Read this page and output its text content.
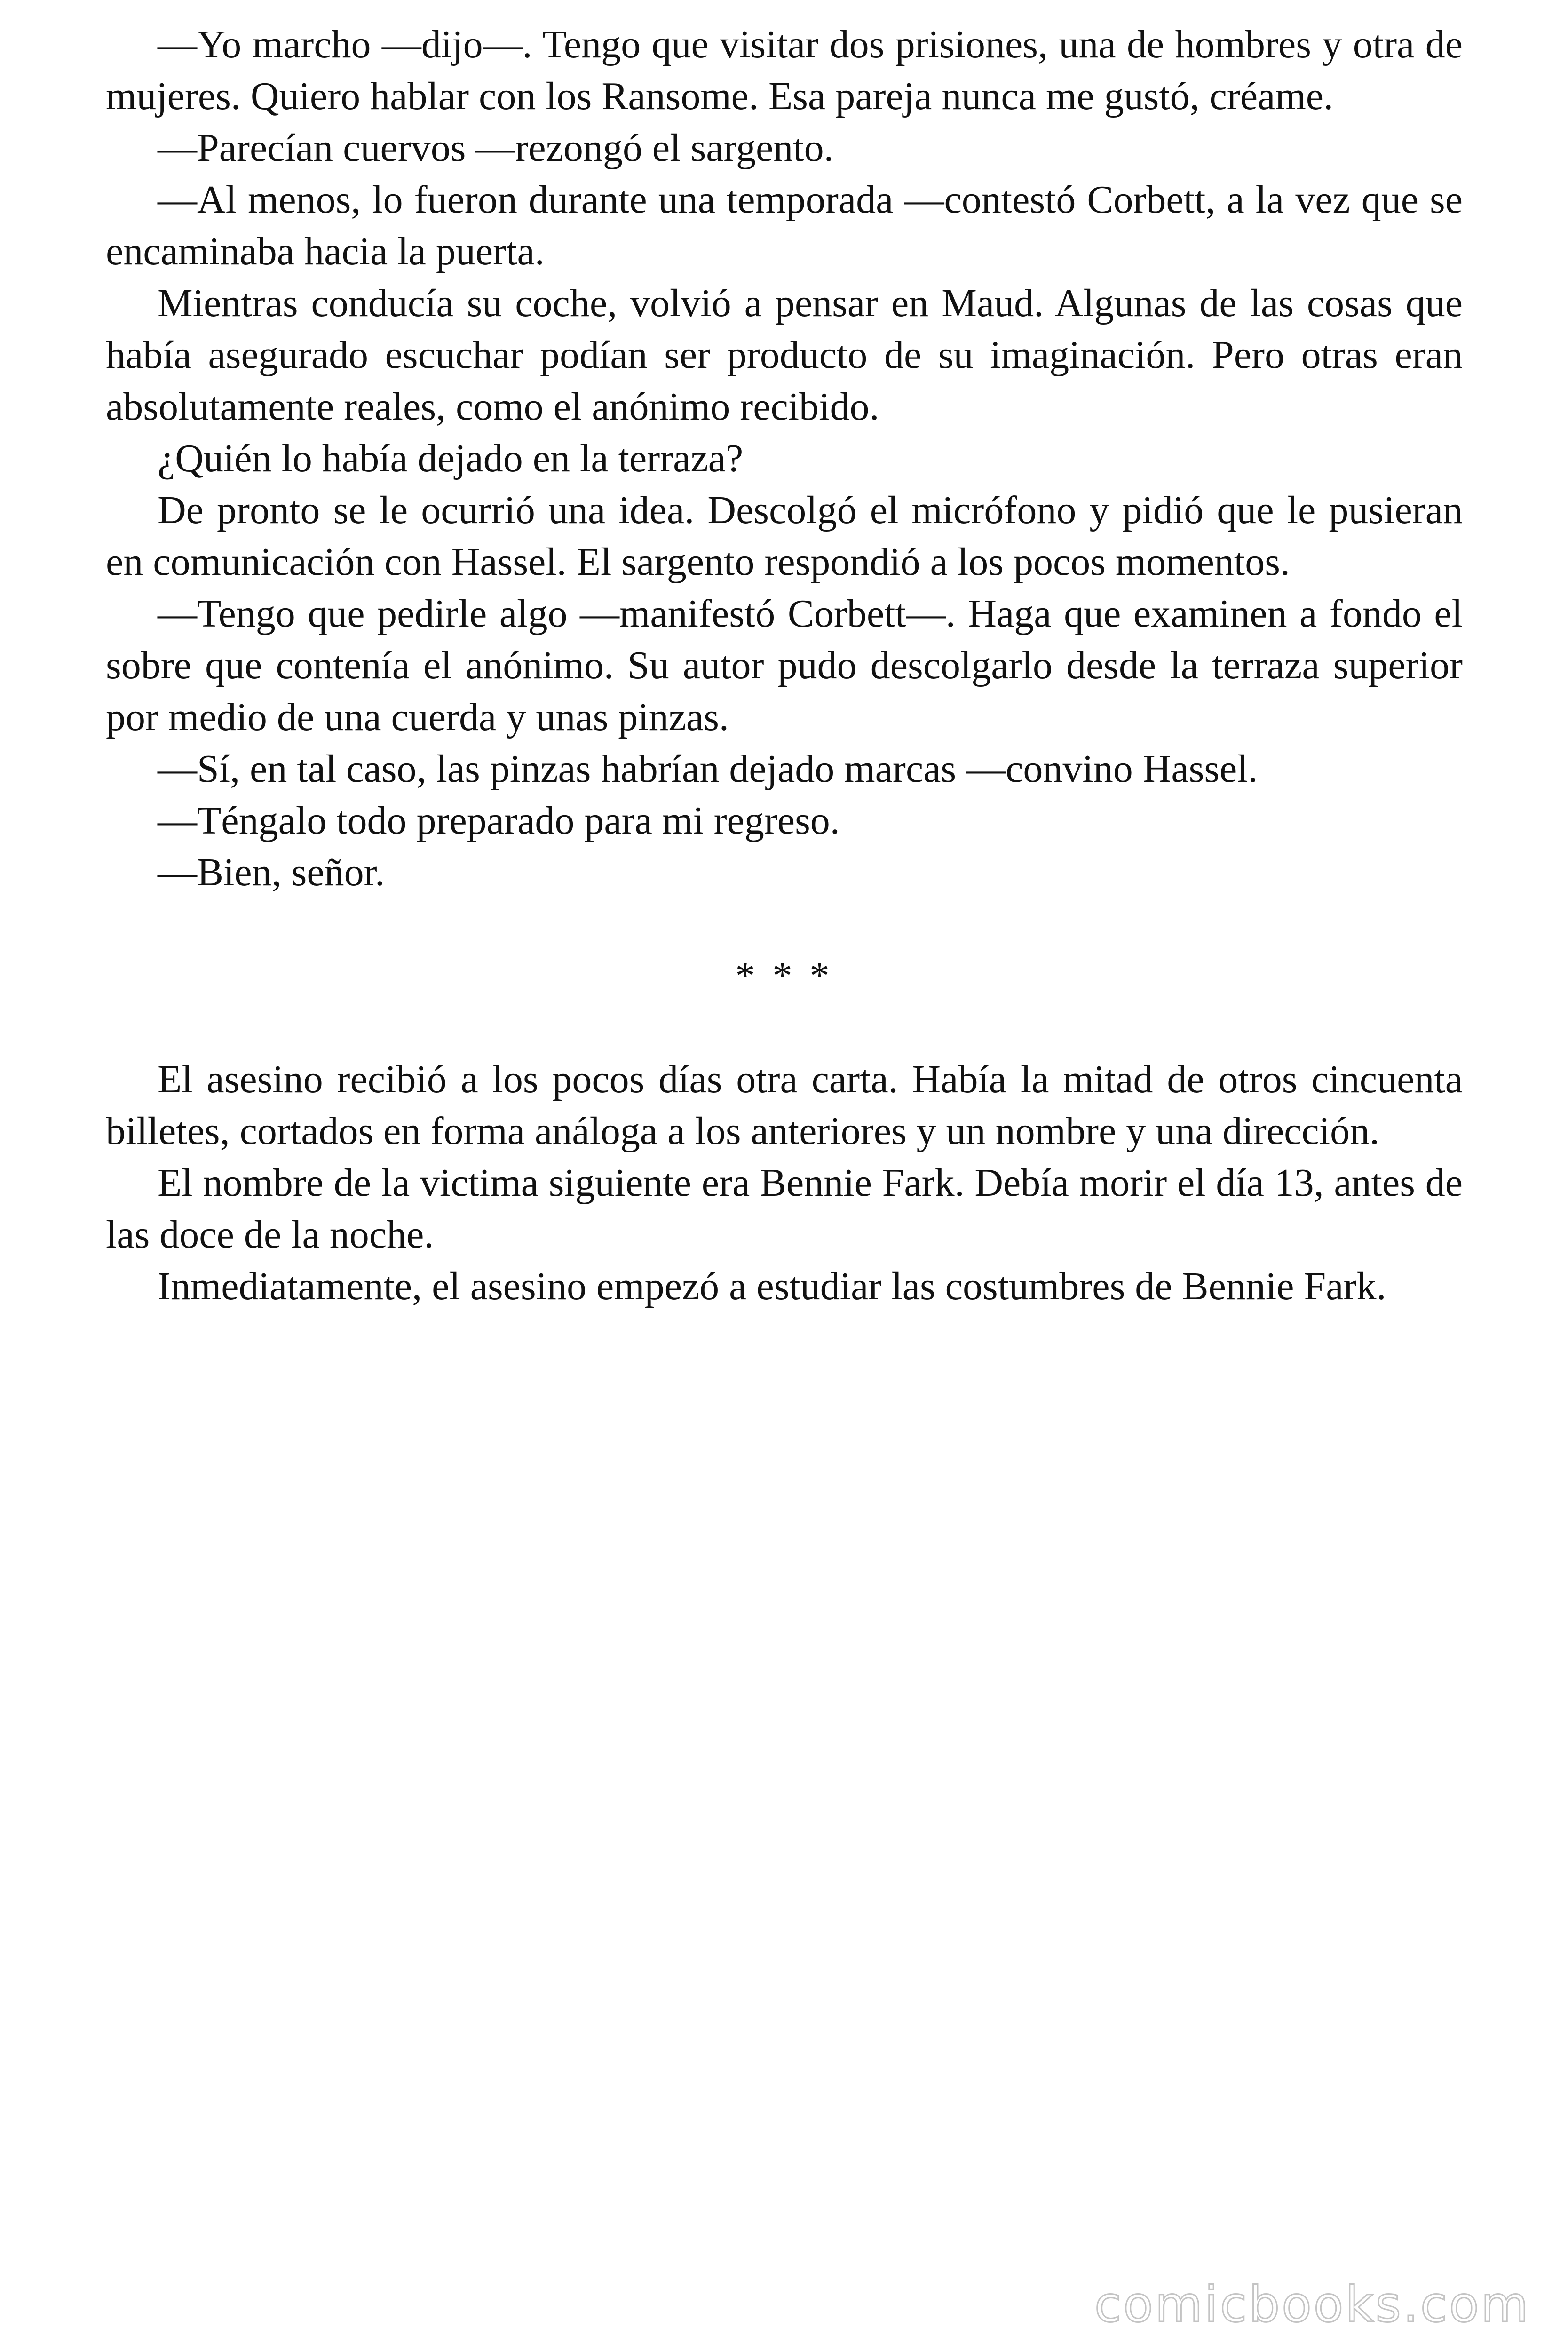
—Yo marcho —dijo—. Tengo que visitar dos prisiones, una de hombres y otra de mujeres. Quiero hablar con los Ransome. Esa pareja nunca me gustó, créame.

—Parecían cuervos —rezongó el sargento.

—Al menos, lo fueron durante una temporada —contestó Corbett, a la vez que se encaminaba hacia la puerta.

Mientras conducía su coche, volvió a pensar en Maud. Algunas de las cosas que había asegurado escuchar podían ser producto de su imaginación. Pero otras eran absolutamente reales, como el anónimo recibido.

¿Quién lo había dejado en la terraza?

De pronto se le ocurrió una idea. Descolgó el micrófono y pidió que le pusieran en comunicación con Hassel. El sargento respondió a los pocos momentos.

—Tengo que pedirle algo —manifestó Corbett—. Haga que examinen a fondo el sobre que contenía el anónimo. Su autor pudo descolgarlo desde la terraza superior por medio de una cuerda y unas pinzas.

—Sí, en tal caso, las pinzas habrían dejado marcas —convino Hassel.

—Téngalo todo preparado para mi regreso.

—Bien, señor.

* * *

El asesino recibió a los pocos días otra carta. Había la mitad de otros cincuenta billetes, cortados en forma análoga a los anteriores y un nombre y una dirección.

El nombre de la victima siguiente era Bennie Fark. Debía morir el día 13, antes de las doce de la noche.

Inmediatamente, el asesino empezó a estudiar las costumbres de Bennie Fark.

comicbooks.com
